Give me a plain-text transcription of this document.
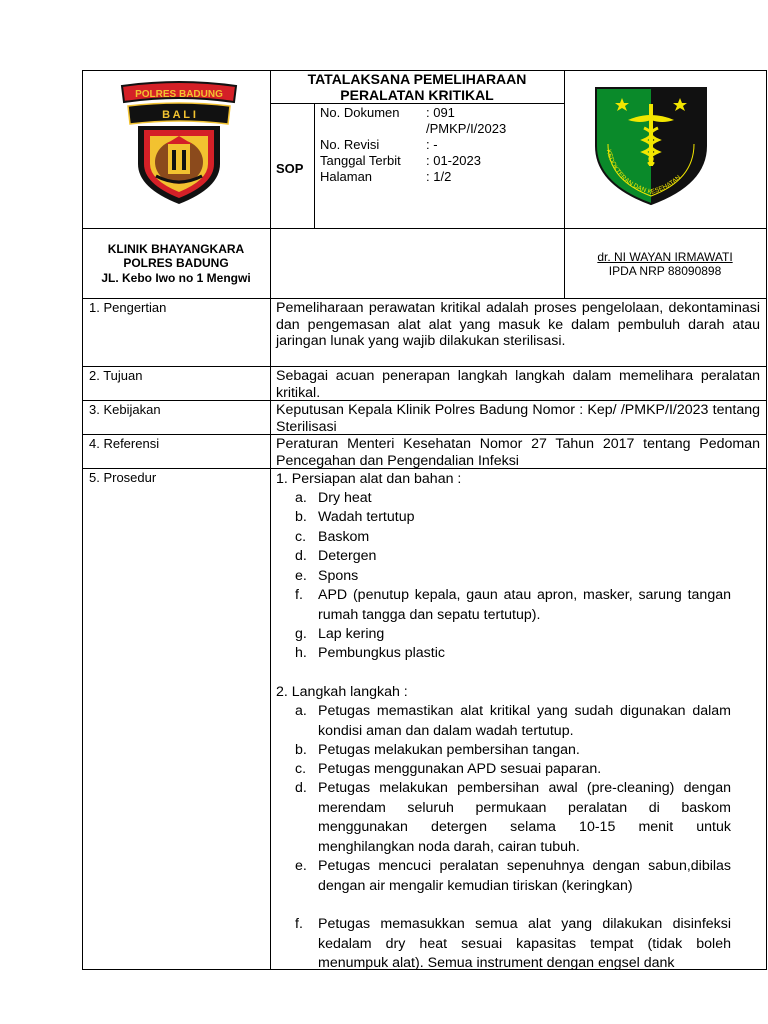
POLRES BADUNG
B A L I
TATALAKSANA PEMELIHARAAN
PERALATAN KRITIKAL
SOP
No. Dokumen : 091
/PMKP/I/2023
No. Revisi	: -
Tanggal Terbit : 01-2023
Halaman	: 1/2
KEDOKTERAN DAN KESEHATAN
KLINIK BHAYANGKARA
POLRES BADUNG
JL. Kebo Iwo no 1 Mengwi
dr. NI WAYAN IRMAWATI
IPDA NRP 88090898
1. Pengertian
2. Tujuan
3. Kebijakan
4. Referensi
5. Prosedur
Pemeliharaan perawatan kritikal adalah proses pengelolaan, dekontaminasi dan pengemasan alat alat yang masuk ke dalam pembuluh darah atau jaringan lunak yang wajib dilakukan sterilisasi.
Sebagai acuan penerapan langkah langkah dalam memelihara peralatan kritikal.
Keputusan Kepala Klinik Polres Badung Nomor : Kep/ /PMKP/I/2023 tentang Sterilisasi
Peraturan Menteri Kesehatan Nomor 27 Tahun 2017 tentang Pedoman Pencegahan dan Pengendalian Infeksi
1. Persiapan alat dan bahan :
a. Dry heat
b. Wadah tertutup
c. Baskom
d. Detergen
e. Spons
f. APD (penutup kepala, gaun atau apron, masker, sarung tangan rumah tangga dan sepatu tertutup).
g. Lap kering
h. Pembungkus plastic
2. Langkah langkah :
a. Petugas memastikan alat kritikal yang sudah digunakan dalam kondisi aman dan dalam wadah tertutup.
b. Petugas melakukan pembersihan tangan.
c. Petugas menggunakan APD sesuai paparan.
d. Petugas melakukan pembersihan awal (pre-cleaning) dengan merendam seluruh permukaan peralatan di baskom menggunakan detergen selama 10-15 menit untuk menghilangkan noda darah, cairan tubuh.
e. Petugas mencuci peralatan sepenuhnya dengan sabun,dibilas dengan air mengalir kemudian tiriskan (keringkan)
f. Petugas memasukkan semua alat yang dilakukan disinfeksi kedalam dry heat sesuai kapasitas tempat (tidak boleh menumpuk alat). Semua instrument dengan engsel dank
